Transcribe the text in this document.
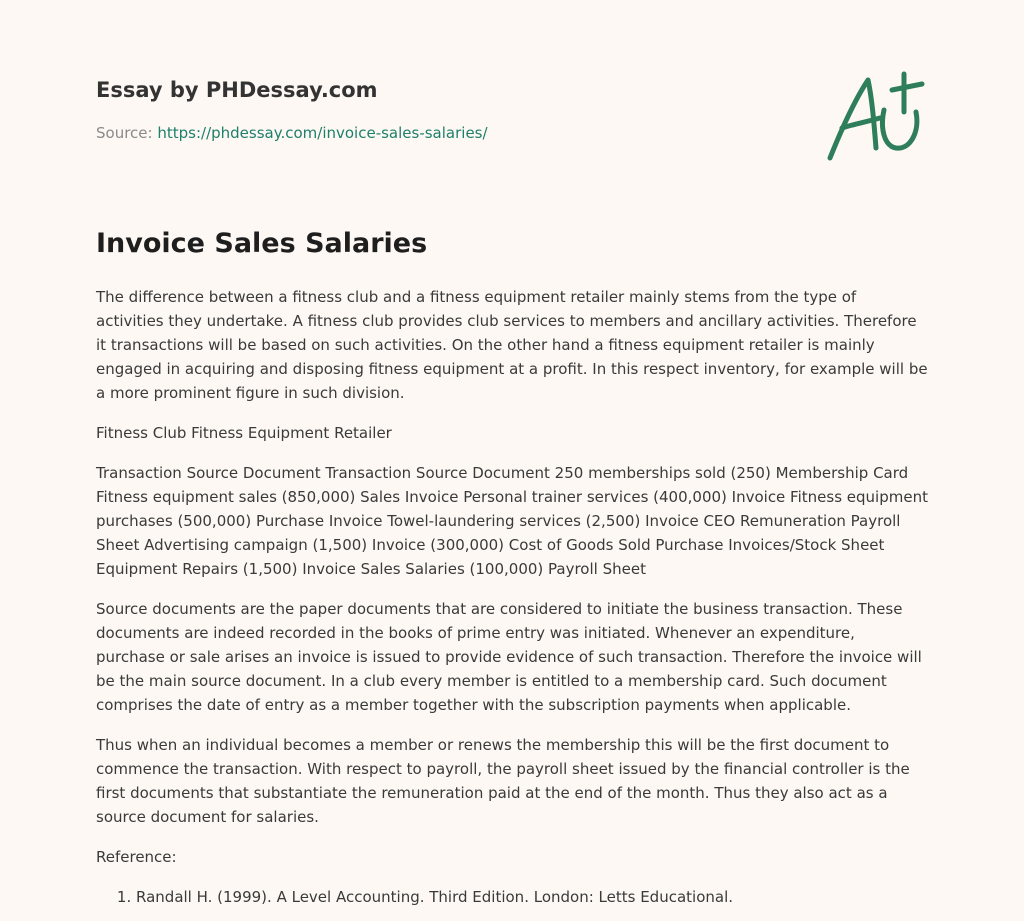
Essay by PHDessay.com

Source: https://phdessay.com/invoice-sales-salaries/

Invoice Sales Salaries

The difference between a fitness club and a fitness equipment retailer mainly stems from the type of activities they undertake. A fitness club provides club services to members and ancillary activities. Therefore it transactions will be based on such activities. On the other hand a fitness equipment retailer is mainly engaged in acquiring and disposing fitness equipment at a profit. In this respect inventory, for example will be a more prominent figure in such division.

Fitness Club Fitness Equipment Retailer

Transaction Source Document Transaction Source Document 250 memberships sold (250) Membership Card Fitness equipment sales (850,000) Sales Invoice Personal trainer services (400,000) Invoice Fitness equipment purchases (500,000) Purchase Invoice Towel-laundering services (2,500) Invoice CEO Remuneration Payroll Sheet Advertising campaign (1,500) Invoice (300,000) Cost of Goods Sold Purchase Invoices/Stock Sheet Equipment Repairs (1,500) Invoice Sales Salaries (100,000) Payroll Sheet

Source documents are the paper documents that are considered to initiate the business transaction. These documents are indeed recorded in the books of prime entry was initiated. Whenever an expenditure, purchase or sale arises an invoice is issued to provide evidence of such transaction. Therefore the invoice will be the main source document. In a club every member is entitled to a membership card. Such document comprises the date of entry as a member together with the subscription payments when applicable.

Thus when an individual becomes a member or renews the membership this will be the first document to commence the transaction. With respect to payroll, the payroll sheet issued by the financial controller is the first documents that substantiate the remuneration paid at the end of the month. Thus they also act as a source document for salaries.

Reference:

1. Randall H. (1999). A Level Accounting. Third Edition. London: Letts Educational.
